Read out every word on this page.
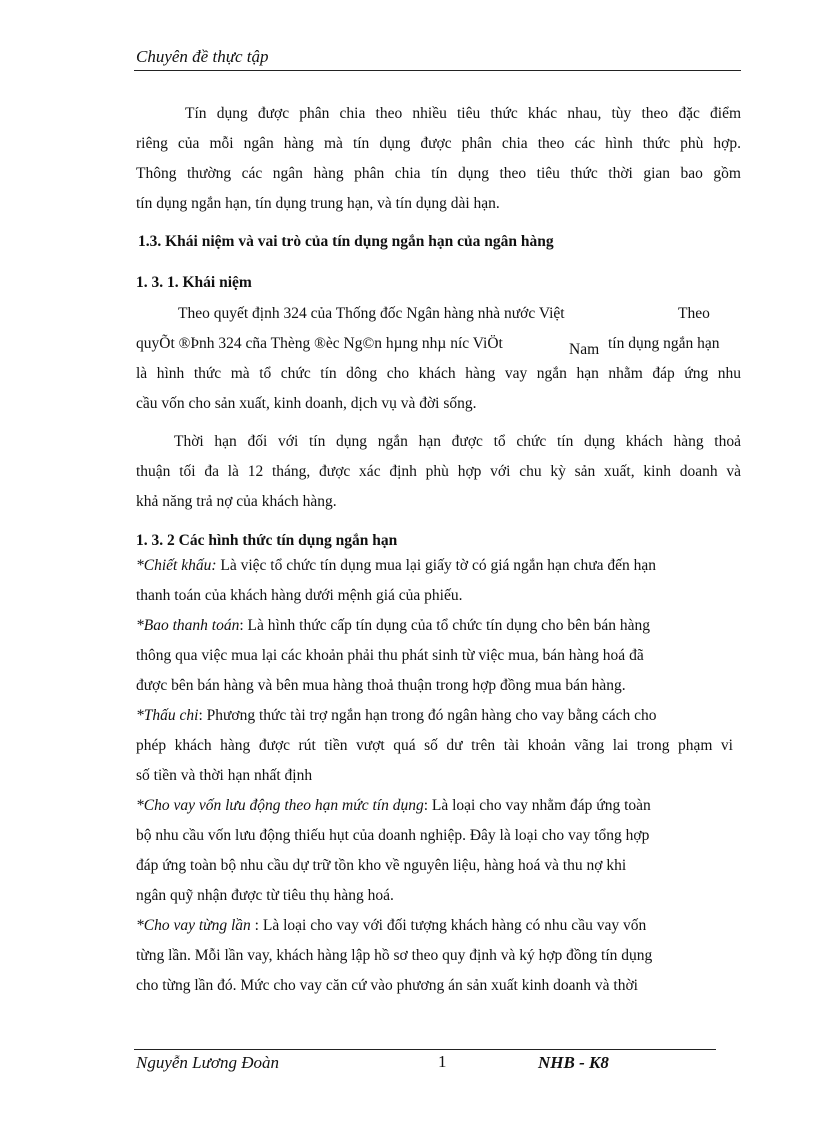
Chuyên đề thực tập
Tín dụng được phân chia theo nhiều tiêu thức khác nhau, tùy theo đặc điểm
riêng của mỗi ngân hàng mà tín dụng được phân chia theo các hình thức phù hợp.
Thông thường các ngân hàng phân chia tín dụng theo tiêu thức thời gian bao gồm
tín dụng ngắn hạn, tín dụng trung hạn, và tín dụng dài hạn.
1.3. Khái niệm và vai trò của tín dụng ngắn hạn của ngân hàng
1. 3. 1. Khái niệm
Theo quyết định 324 của Thống đốc Ngân hàng nhà nước Việt	Theo
quyÕt ®Þnh 324 cña Thèng ®èc Ng©n hµng nhµ níc ViÖt	Nam tín dụng ngắn hạn
là hình thức mà tổ chức tín dông cho khách hàng vay ngắn hạn nhằm đáp ứng nhu
cầu vốn cho sản xuất, kinh doanh, dịch vụ và đời sống.
Thời hạn đối với tín dụng ngắn hạn được tổ chức tín dụng khách hàng thoả
thuận tối đa là 12 tháng, được xác định phù hợp với chu kỳ sản xuất, kinh doanh và
khả năng trả nợ của khách hàng.
1. 3. 2 Các hình thức tín dụng ngắn hạn
*Chiết khấu: Là việc tổ chức tín dụng mua lại giấy tờ có giá ngắn hạn chưa đến hạn
thanh toán của khách hàng dưới mệnh giá của phiếu.
*Bao thanh toán: Là hình thức cấp tín dụng của tổ chức tín dụng cho bên bán hàng
thông qua việc mua lại các khoản phải thu phát sinh từ việc mua, bán hàng hoá đã
được bên bán hàng và bên mua hàng thoả thuận trong hợp đồng mua bán hàng.
*Thấu chi: Phương thức tài trợ ngắn hạn trong đó ngân hàng cho vay bằng cách cho
phép khách hàng được rút tiền vượt quá số dư trên tài khoản vãng lai trong phạm vi
số tiền và thời hạn nhất định
*Cho vay vốn lưu động theo hạn mức tín dụng: Là loại cho vay nhằm đáp ứng toàn
bộ nhu cầu vốn lưu động thiếu hụt của doanh nghiệp. Đây là loại cho vay tổng hợp
đáp ứng toàn bộ nhu cầu dự trữ tồn kho về nguyên liệu, hàng hoá và thu nợ khi
ngân quỹ nhận được từ tiêu thụ hàng hoá.
*Cho vay từng lần : Là loại cho vay với đối tượng khách hàng có nhu cầu vay vốn
từng lần. Mỗi lần vay, khách hàng lập hồ sơ theo quy định và ký hợp đồng tín dụng
cho từng lần đó. Mức cho vay căn cứ vào phương án sản xuất kinh doanh và thời
Nguyễn Lương Đoàn	1	NHB - K8
